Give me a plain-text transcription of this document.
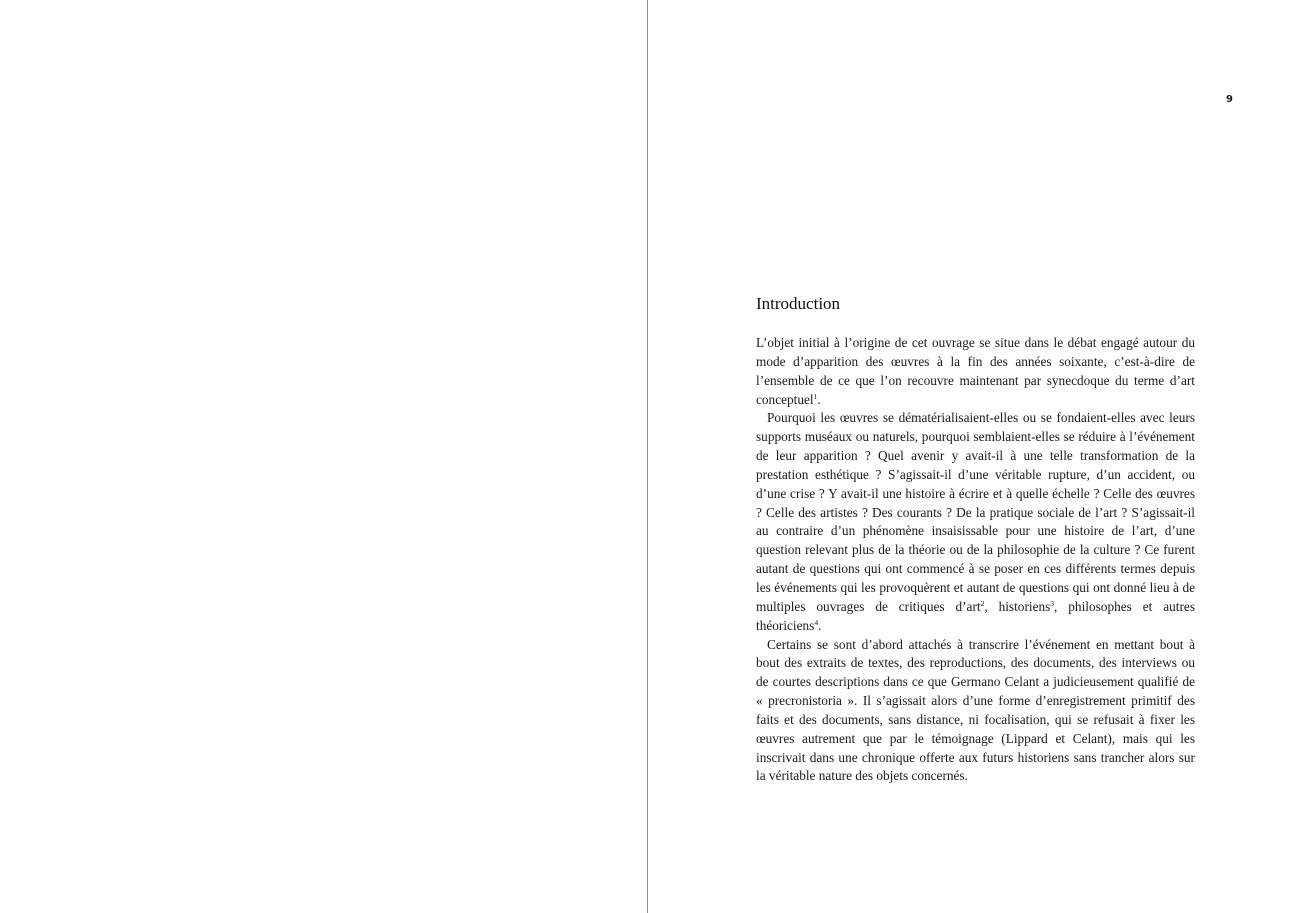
9
Introduction

L’objet initial à l’origine de cet ouvrage se situe dans le débat engagé autour du mode d’apparition des œuvres à la fin des années soixante, c’est-à-dire de l’ensemble de ce que l’on recouvre maintenant par synecdoque du terme d’art conceptuel$^1$.

Pourquoi les œuvres se dématérialisaient-elles ou se fondaient-elles avec leurs supports muséaux ou naturels, pourquoi semblaient-elles se réduire à l’événement de leur apparition ? Quel avenir y avait-il à une telle transformation de la prestation esthétique ? S’agissait-il d’une véritable rupture, d’un accident, ou d’une crise ? Y avait-il une histoire à écrire et à quelle échelle ? Celle des œuvres ? Celle des artistes ? Des courants ? De la pratique sociale de l’art ? S’agissait-il au contraire d’un phénomène insaisissable pour une histoire de l’art, d’une question relevant plus de la théorie ou de la philosophie de la culture ? Ce furent autant de questions qui ont commencé à se poser en ces différents termes depuis les événements qui les provoquèrent et autant de questions qui ont donné lieu à de multiples ouvrages de critiques d’art$^2$, historiens$^3$, philosophes et autres théoriciens$^4$.

Certains se sont d’abord attachés à transcrire l’événement en mettant bout à bout des extraits de textes, des reproductions, des documents, des interviews ou de courtes descriptions dans ce que Germano Celant a judicieusement qualifié de « precronistoria ». Il s’agissait alors d’une forme d’enregistrement primitif des faits et des documents, sans distance, ni focalisation, qui se refusait à fixer les œuvres autrement que par le témoignage (Lippard et Celant), mais qui les inscrivait dans une chronique offerte aux futurs historiens sans trancher alors sur la véritable nature des objets concernés.
